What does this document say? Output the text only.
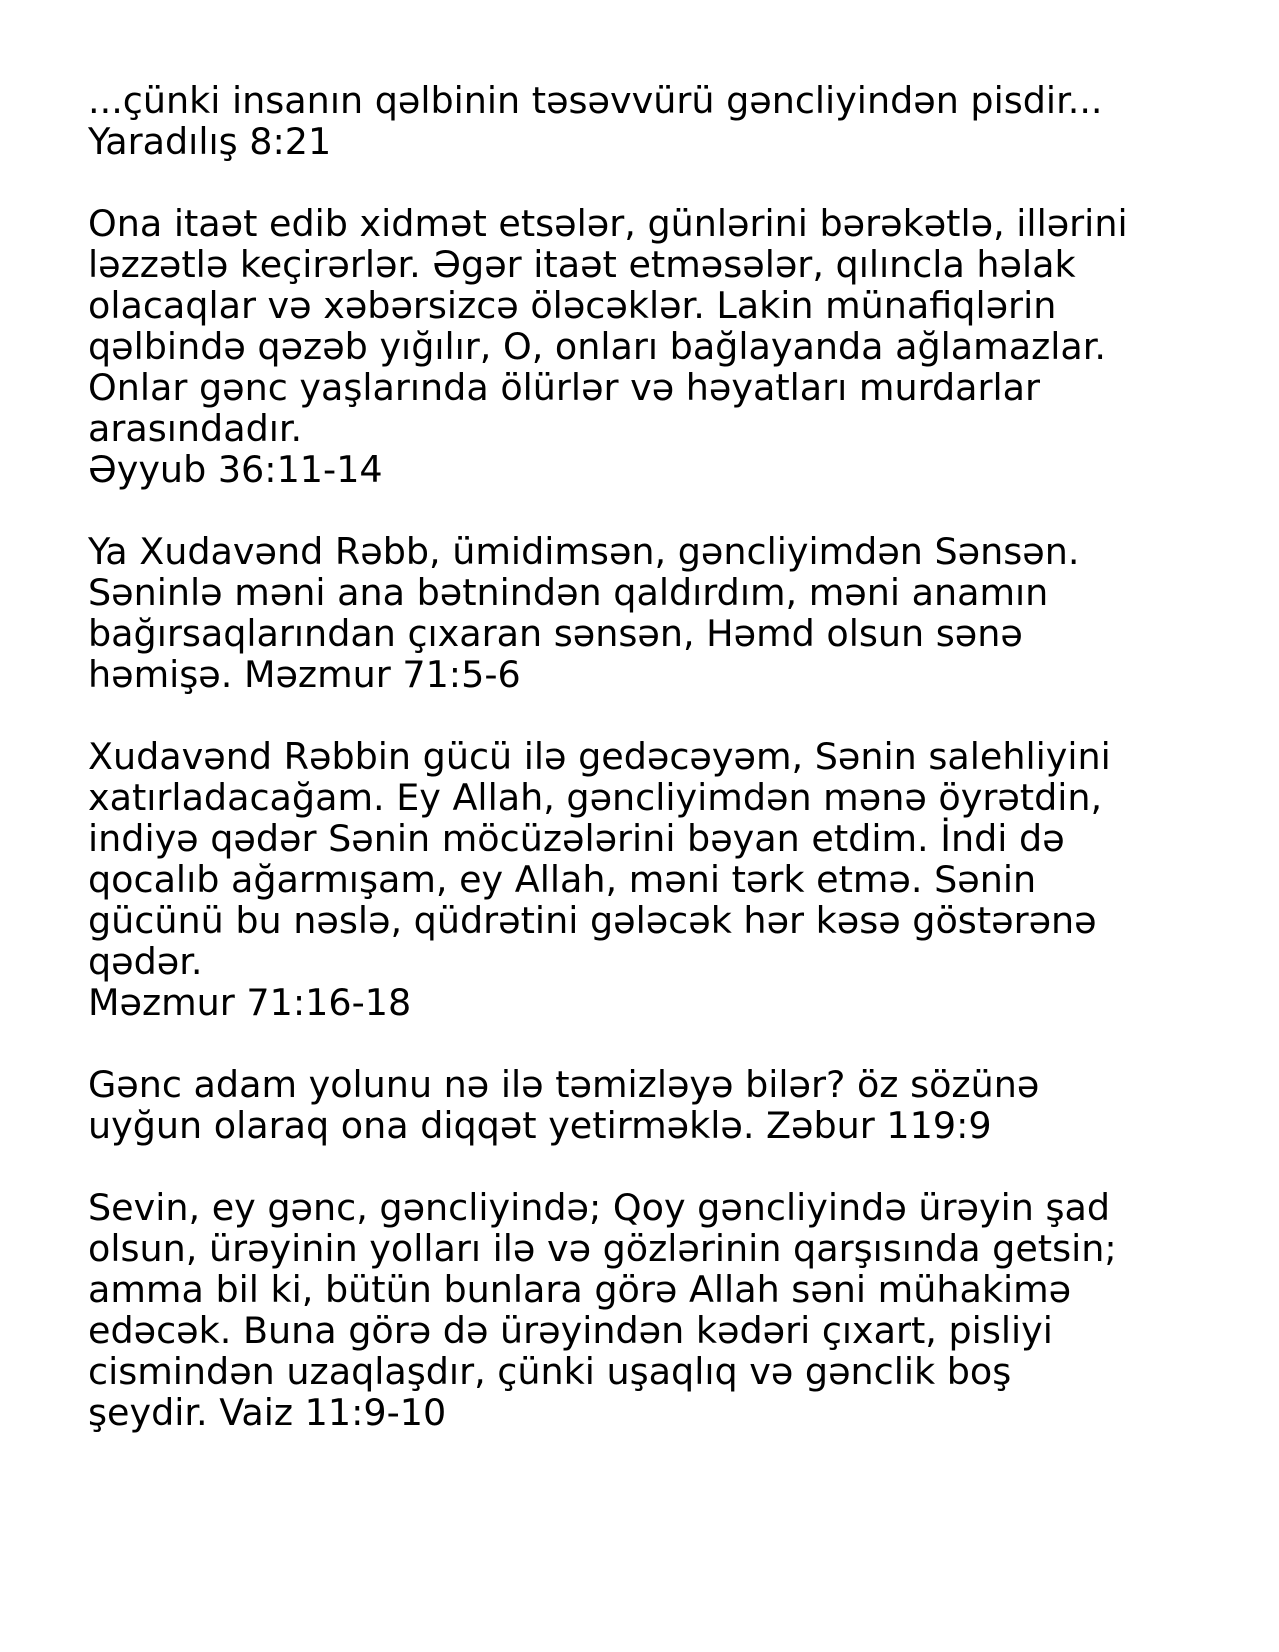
...çünki insanın qəlbinin təsəvvürü gəncliyindən pisdir...
Yaradılış 8:21
Ona itaət edib xidmət etsələr, günlərini bərəkətlə, illərini
ləzzətlə keçirərlər. Əgər itaət etməsələr, qılıncla həlak
olacaqlar və xəbərsizcə öləcəklər. Lakin münafiqlərin
qəlbində qəzəb yığılır, O, onları bağlayanda ağlamazlar.
Onlar gənc yaşlarında ölürlər və həyatları murdarlar
arasındadır.
Əyyub 36:11-14
Ya Xudavənd Rəbb, ümidimsən, gəncliyimdən Sənsən.
Səninlə məni ana bətnindən qaldırdım, məni anamın
bağırsaqlarından çıxaran sənsən, Həmd olsun sənə
həmişə. Məzmur 71:5-6
Xudavənd Rəbbin gücü ilə gedəcəyəm, Sənin salehliyini
xatırladacağam. Ey Allah, gəncliyimdən mənə öyrətdin,
indiyə qədər Sənin möcüzələrini bəyan etdim. İndi də
qocalıb ağarmışam, ey Allah, məni tərk etmə. Sənin
gücünü bu nəslə, qüdrətini gələcək hər kəsə göstərənə
qədər.
Məzmur 71:16-18
Gənc adam yolunu nə ilə təmizləyə bilər? öz sözünə
uyğun olaraq ona diqqət yetirməklə. Zəbur 119:9
Sevin, ey gənc, gəncliyində; Qoy gəncliyində ürəyin şad
olsun, ürəyinin yolları ilə və gözlərinin qarşısında getsin;
amma bil ki, bütün bunlara görə Allah səni mühakimə
edəcək. Buna görə də ürəyindən kədəri çıxart, pisliyi
cismindən uzaqlaşdır, çünki uşaqlıq və gənclik boş
şeydir. Vaiz 11:9-10
